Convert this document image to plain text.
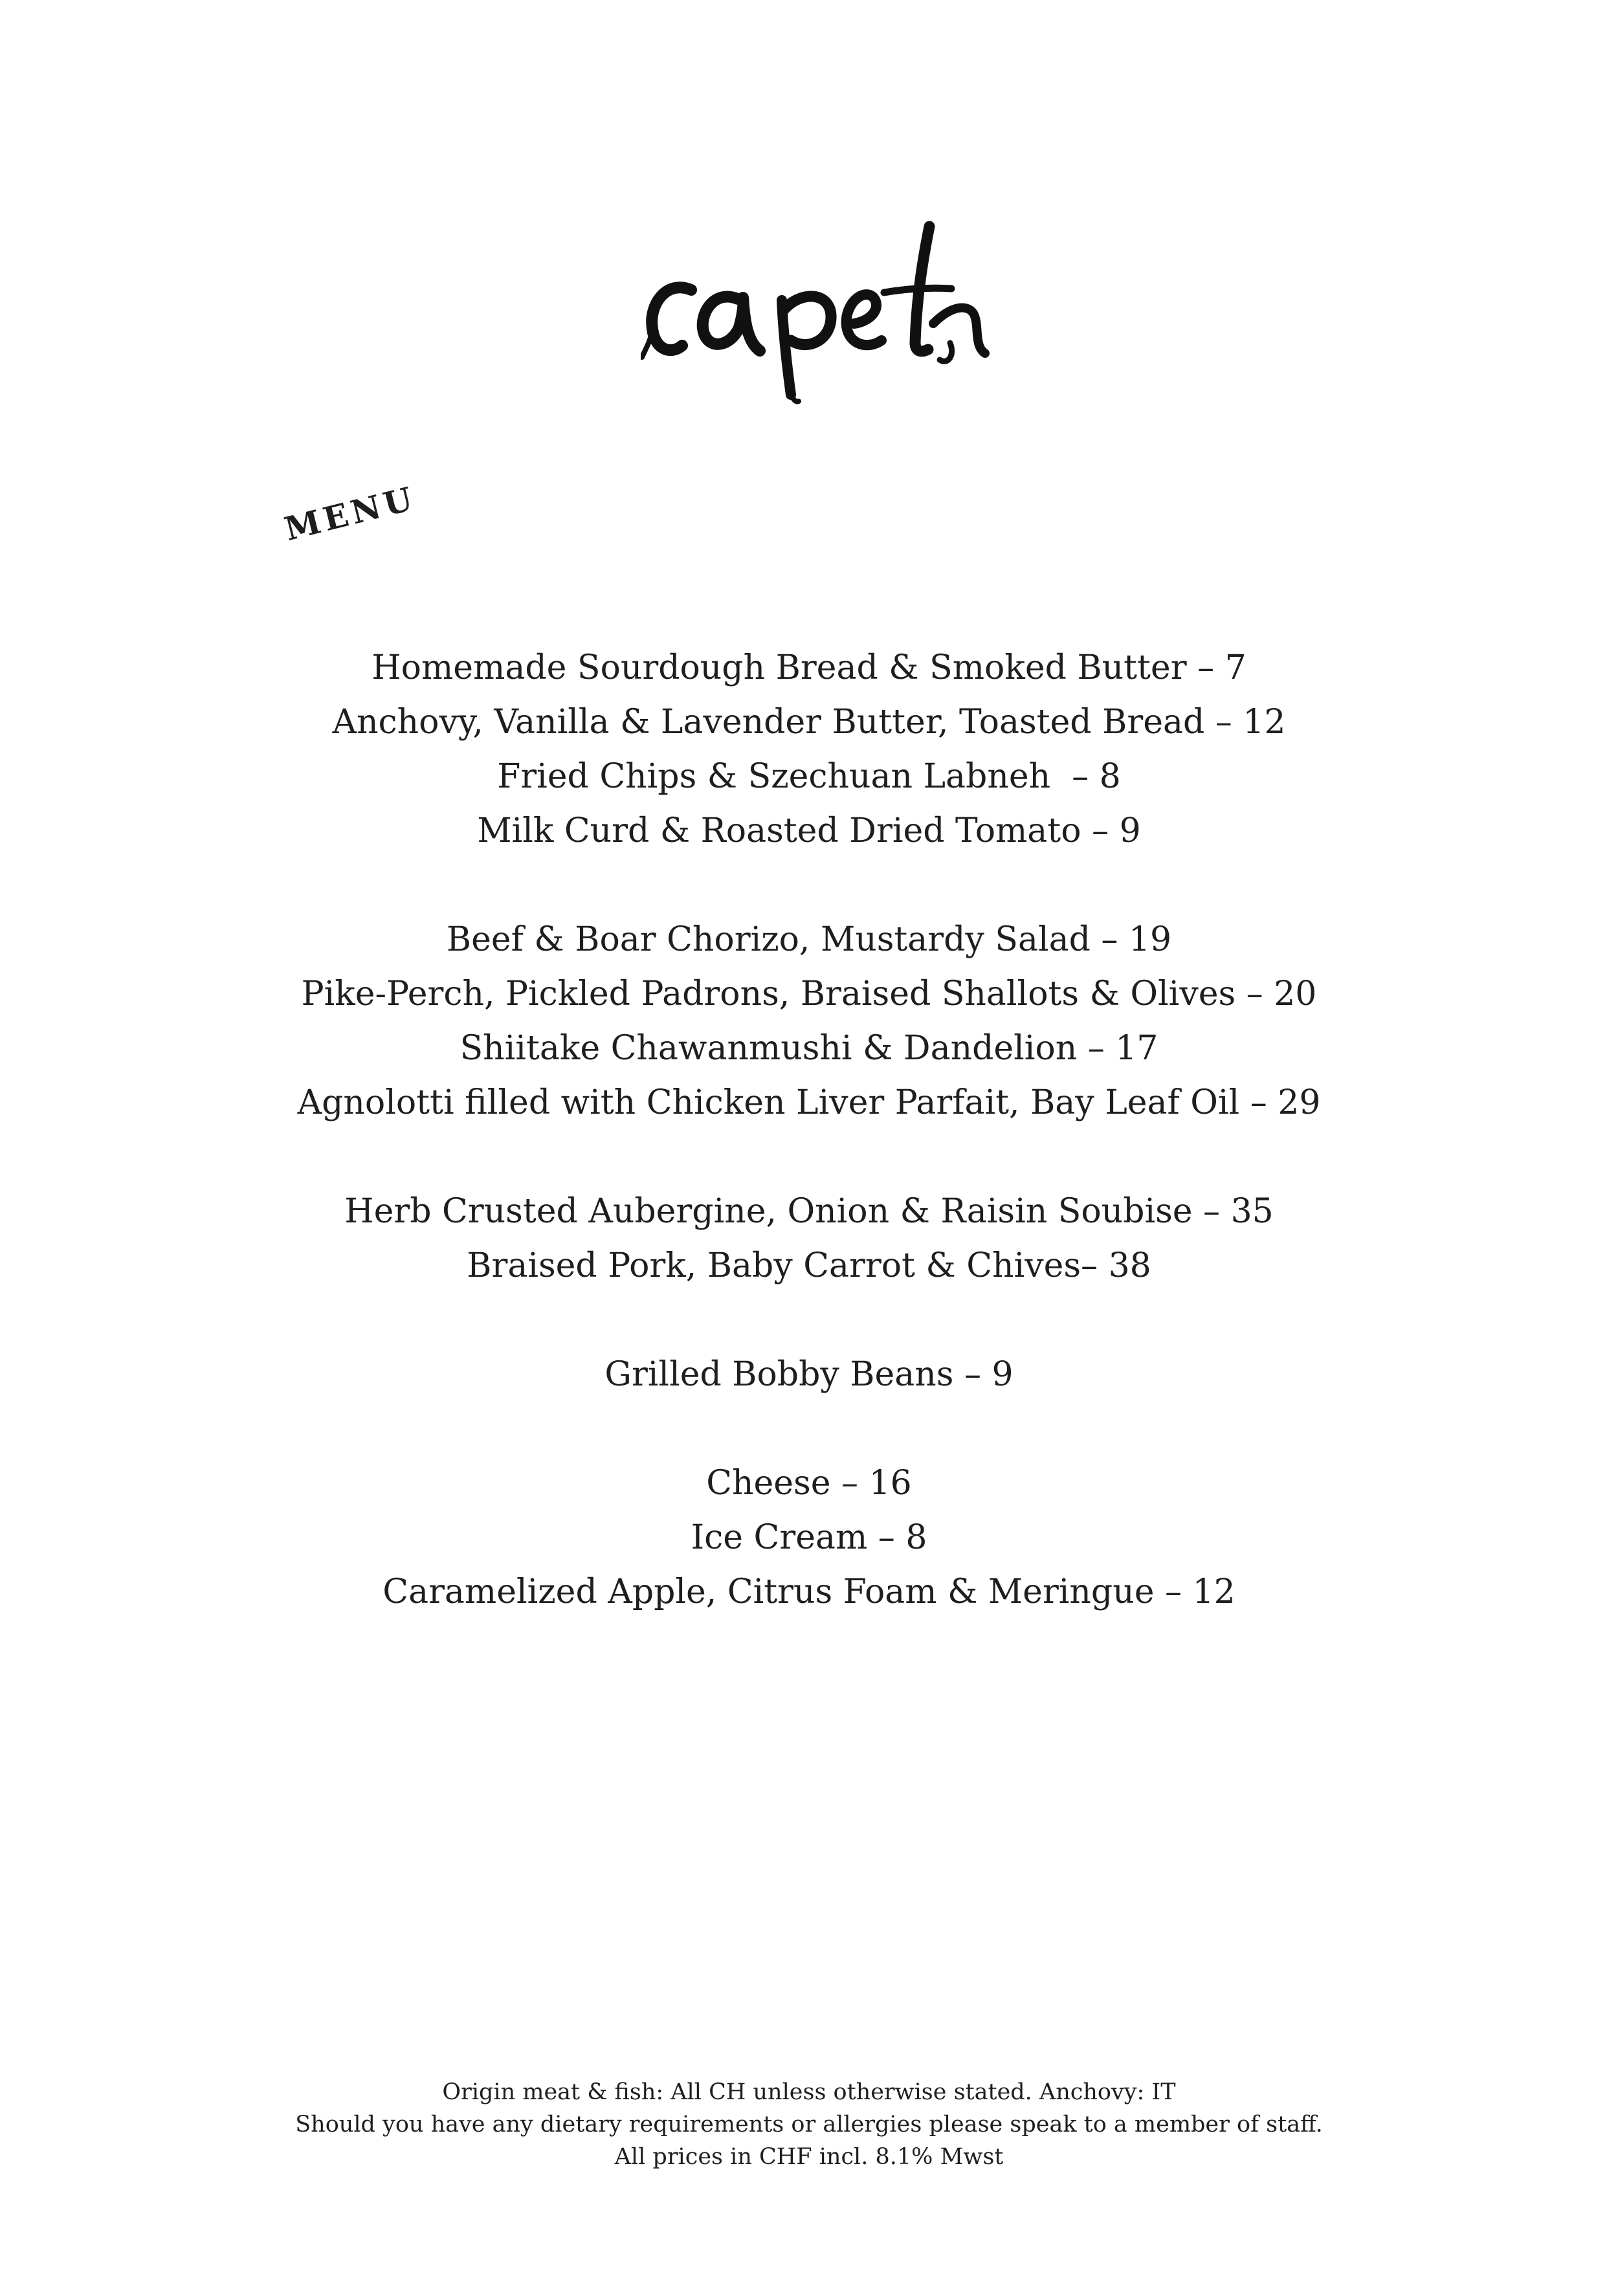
MENU
Homemade Sourdough Bread & Smoked Butter – 7
Anchovy, Vanilla & Lavender Butter, Toasted Bread – 12
Fried Chips & Szechuan Labneh  – 8
Milk Curd & Roasted Dried Tomato – 9
Beef & Boar Chorizo, Mustardy Salad – 19
Pike-Perch, Pickled Padrons, Braised Shallots & Olives – 20
Shiitake Chawanmushi & Dandelion – 17
Agnolotti filled with Chicken Liver Parfait, Bay Leaf Oil – 29
Herb Crusted Aubergine, Onion & Raisin Soubise – 35
Braised Pork, Baby Carrot & Chives– 38
Grilled Bobby Beans – 9
Cheese – 16
Ice Cream – 8
Caramelized Apple, Citrus Foam & Meringue – 12
Origin meat & fish: All CH unless otherwise stated. Anchovy: IT
Should you have any dietary requirements or allergies please speak to a member of staff.
All prices in CHF incl. 8.1% Mwst
